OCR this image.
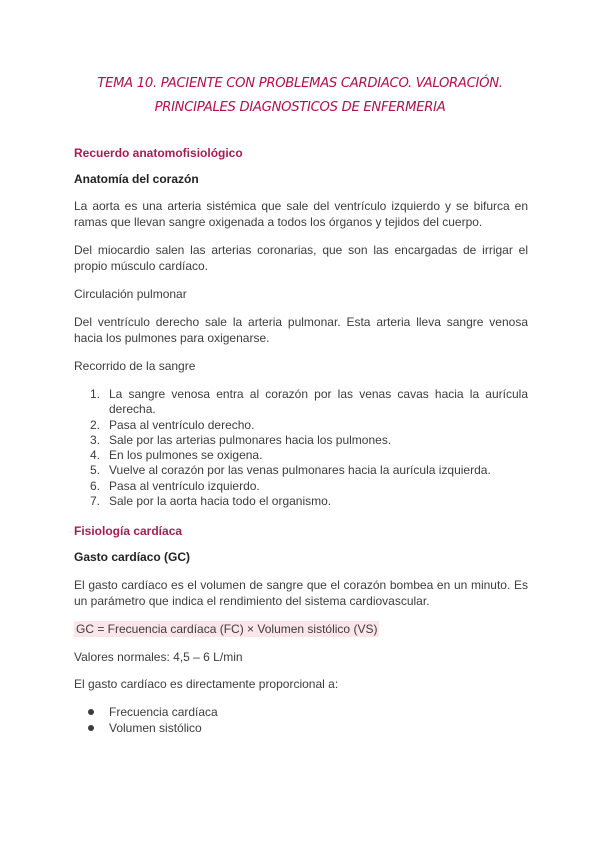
TEMA 10. PACIENTE CON PROBLEMAS CARDIACO. VALORACIÓN.
PRINCIPALES DIAGNOSTICOS DE ENFERMERIA
Recuerdo anatomofisiológico
Anatomía del corazón
La aorta es una arteria sistémica que sale del ventrículo izquierdo y se bifurca en ramas que llevan sangre oxigenada a todos los órganos y tejidos del cuerpo.
Del miocardio salen las arterias coronarias, que son las encargadas de irrigar el propio músculo cardíaco.
Circulación pulmonar
Del ventrículo derecho sale la arteria pulmonar. Esta arteria lleva sangre venosa hacia los pulmones para oxigenarse.
Recorrido de la sangre
1. La sangre venosa entra al corazón por las venas cavas hacia la aurícula derecha.
2. Pasa al ventrículo derecho.
3. Sale por las arterias pulmonares hacia los pulmones.
4. En los pulmones se oxigena.
5. Vuelve al corazón por las venas pulmonares hacia la aurícula izquierda.
6. Pasa al ventrículo izquierdo.
7. Sale por la aorta hacia todo el organismo.
Fisiología cardíaca
Gasto cardíaco (GC)
El gasto cardíaco es el volumen de sangre que el corazón bombea en un minuto. Es un parámetro que indica el rendimiento del sistema cardiovascular.
GC = Frecuencia cardíaca (FC) × Volumen sistólico (VS)
Valores normales: 4,5 – 6 L/min
El gasto cardíaco es directamente proporcional a:
Frecuencia cardíaca
Volumen sistólico
